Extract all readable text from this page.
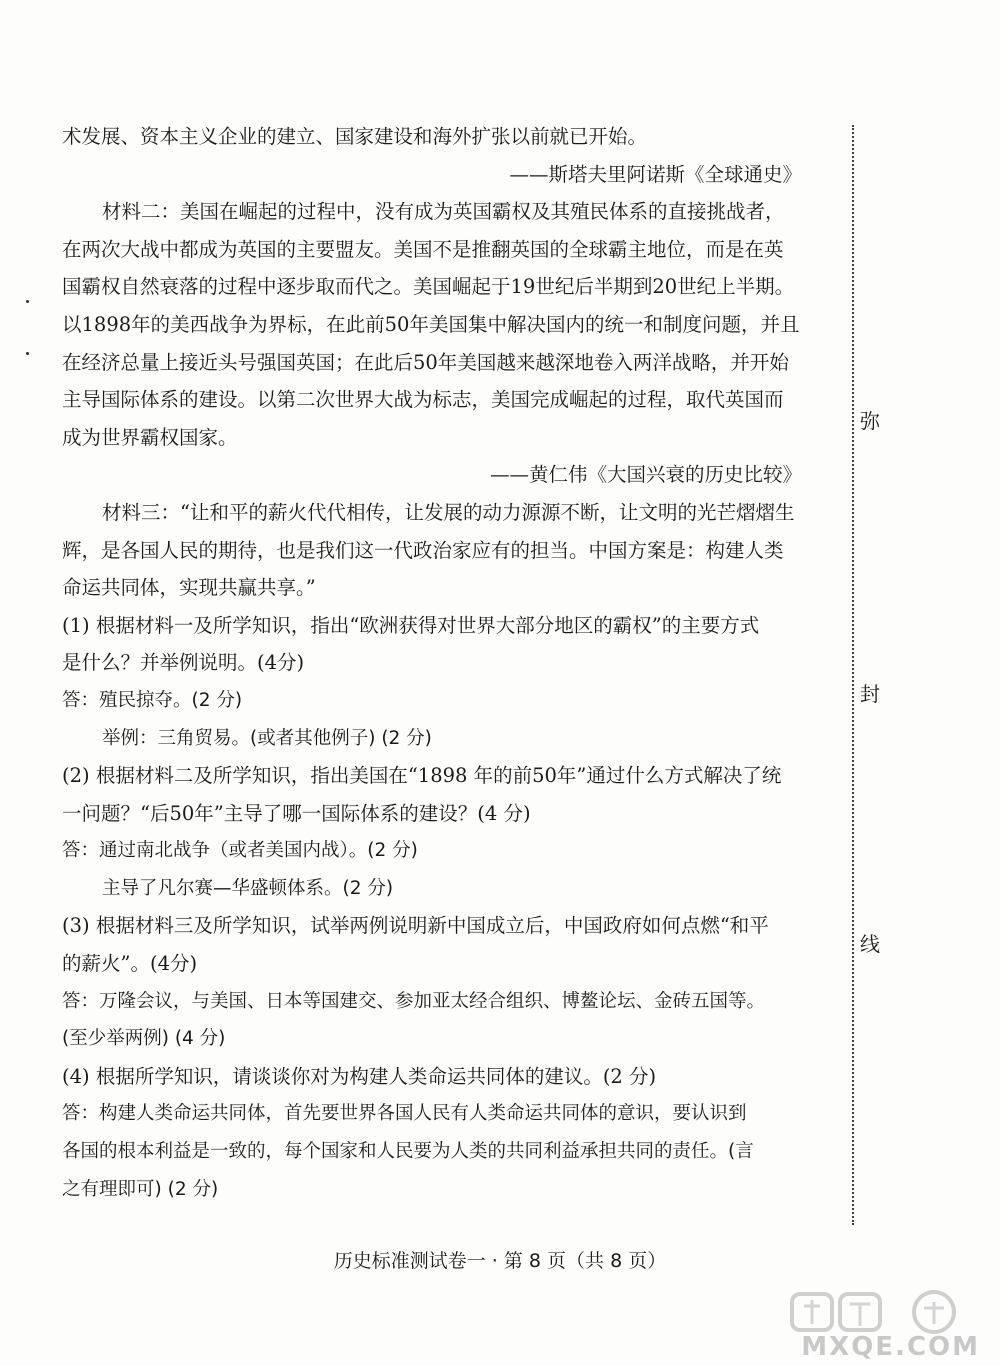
术发展、资本主义企业的建立、国家建设和海外扩张以前就已开始。

——斯塔夫里阿诺斯《全球通史》

材料二：美国在崛起的过程中，没有成为英国霸权及其殖民体系的直接挑战者，

在两次大战中都成为英国的主要盟友。美国不是推翻英国的全球霸主地位，而是在英

国霸权自然衰落的过程中逐步取而代之。美国崛起于19世纪后半期到20世纪上半期。

以1898年的美西战争为界标，在此前50年美国集中解决国内的统一和制度问题，并且

在经济总量上接近头号强国英国；在此后50年美国越来越深地卷入两洋战略，并开始

主导国际体系的建设。以第二次世界大战为标志，美国完成崛起的过程，取代英国而

成为世界霸权国家。

——黄仁伟《大国兴衰的历史比较》

材料三：“让和平的薪火代代相传，让发展的动力源源不断，让文明的光芒熠熠生

辉，是各国人民的期待，也是我们这一代政治家应有的担当。中国方案是：构建人类

命运共同体，实现共赢共享。”

(1) 根据材料一及所学知识，指出“欧洲获得对世界大部分地区的霸权”的主要方式

是什么？并举例说明。(4分)

答：殖民掠夺。(2 分)

举例：三角贸易。(或者其他例子) (2 分)

(2) 根据材料二及所学知识，指出美国在“1898 年的前50年”通过什么方式解决了统

一问题？“后50年”主导了哪一国际体系的建设？(4 分)

答：通过南北战争（或者美国内战）。(2 分)

主导了凡尔赛—华盛顿体系。(2 分)

(3) 根据材料三及所学知识，试举两例说明新中国成立后，中国政府如何点燃“和平

的薪火”。(4分)

答：万隆会议，与美国、日本等国建交、参加亚太经合组织、博鳌论坛、金砖五国等。

(至少举两例) (4 分)

(4) 根据所学知识，请谈谈你对为构建人类命运共同体的建议。(2 分)

答：构建人类命运共同体，首先要世界各国人民有人类命运共同体的意识，要认识到

各国的根本利益是一致的，每个国家和人民要为人类的共同利益承担共同的责任。(言

之有理即可) (2 分)

弥
封
线
历史标准测试卷一 · 第 8 页（共 8 页）
MXQE.COM
